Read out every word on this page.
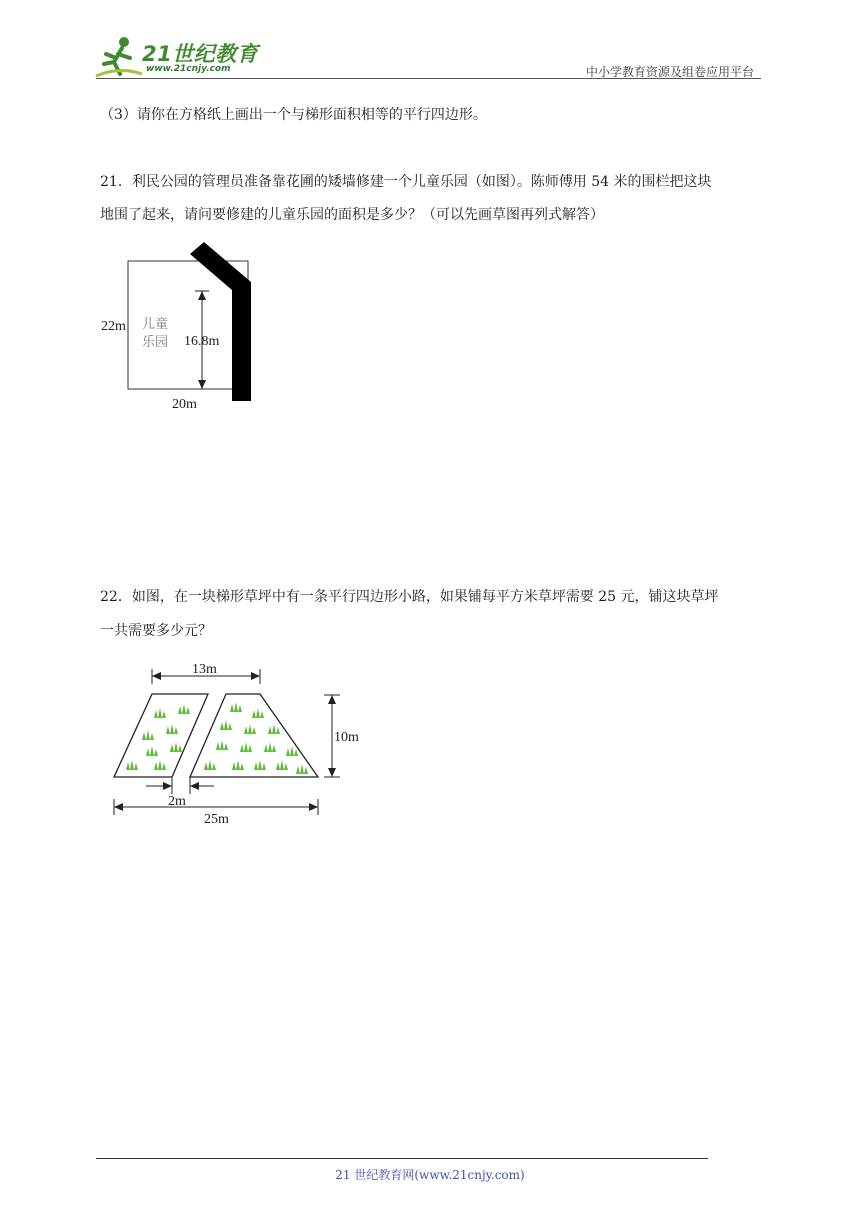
21世纪教育
www.21cnjy.com	中小学教育资源及组卷应用平台
（3）请你在方格纸上画出一个与梯形面积相等的平行四边形。
21．利民公园的管理员准备靠花圃的矮墙修建一个儿童乐园（如图）。陈师傅用 54 米的围栏把这块
地围了起来，请问要修建的儿童乐园的面积是多少？（可以先画草图再列式解答）
22m 儿童
乐园 16.8m
20m
22．如图，在一块梯形草坪中有一条平行四边形小路，如果铺每平方米草坪需要 25 元，铺这块草坪
一共需要多少元？
13m
10m
2m
25m
21 世纪教育网(www.21cnjy.com)
